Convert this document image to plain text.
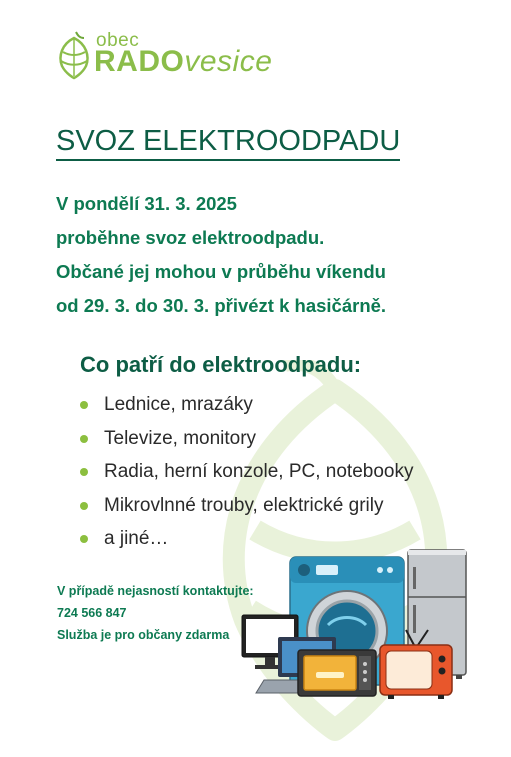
obec
RADOvesice
SVOZ ELEKTROODPADU
V pondělí 31. 3. 2025
proběhne svoz elektroodpadu.
Občané jej mohou v průběhu víkendu
od 29. 3. do 30. 3. přivézt k hasičárně.
Co patří do elektroodpadu:
Lednice, mrazáky
Televize, monitory
Radia, herní konzole, PC, notebooky
Mikrovlnné trouby, elektrické grily
a jiné…
V případě nejasností kontaktujte:
724 566 847
Služba je pro občany zdarma
